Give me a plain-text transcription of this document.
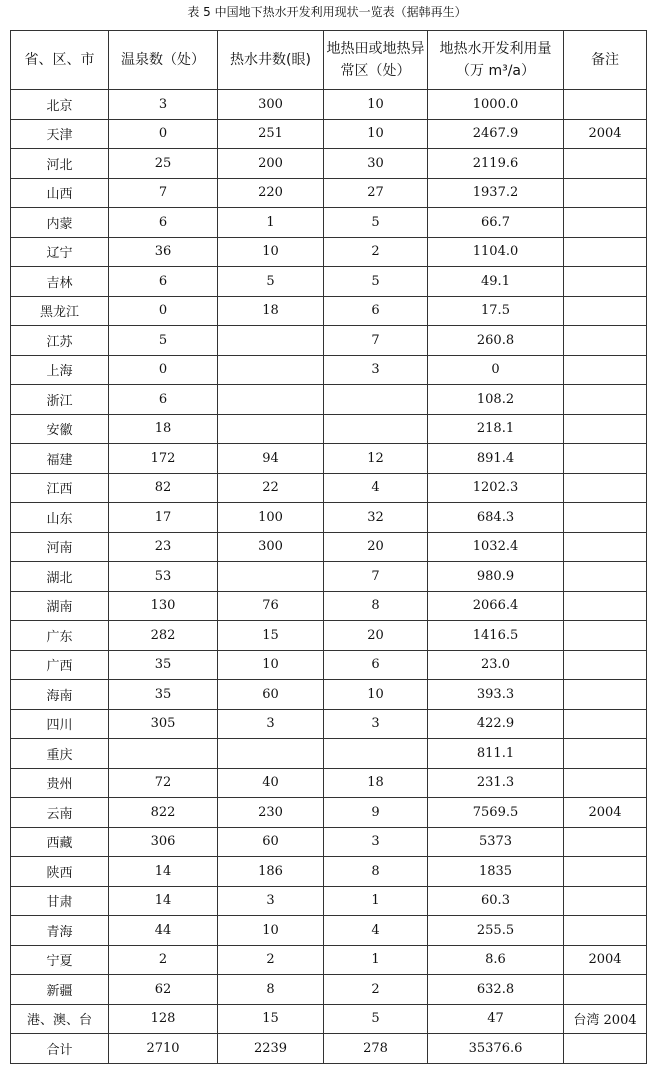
表 5 中国地下热水开发利用现状一览表（据韩再生）
省、区、市	温泉数（处）	热水井数(眼)	地热田或地热异常区（处）	地热水开发利用量（万 m³/a）	备注
北京	3	300	10	1000.0	
天津	0	251	10	2467.9	2004
河北	25	200	30	2119.6	
山西	7	220	27	1937.2	
内蒙	6	1	5	66.7	
辽宁	36	10	2	1104.0	
吉林	6	5	5	49.1	
黑龙江	0	18	6	17.5	
江苏	5		7	260.8	
上海	0		3	0	
浙江	6			108.2	
安徽	18			218.1	
福建	172	94	12	891.4	
江西	82	22	4	1202.3	
山东	17	100	32	684.3	
河南	23	300	20	1032.4	
湖北	53		7	980.9	
湖南	130	76	8	2066.4	
广东	282	15	20	1416.5	
广西	35	10	6	23.0	
海南	35	60	10	393.3	
四川	305	3	3	422.9	
重庆				811.1	
贵州	72	40	18	231.3	
云南	822	230	9	7569.5	2004
西藏	306	60	3	5373	
陕西	14	186	8	1835	
甘肃	14	3	1	60.3	
青海	44	10	4	255.5	
宁夏	2	2	1	8.6	2004
新疆	62	8	2	632.8	
港、澳、台	128	15	5	47	台湾 2004
合计	2710	2239	278	35376.6	
